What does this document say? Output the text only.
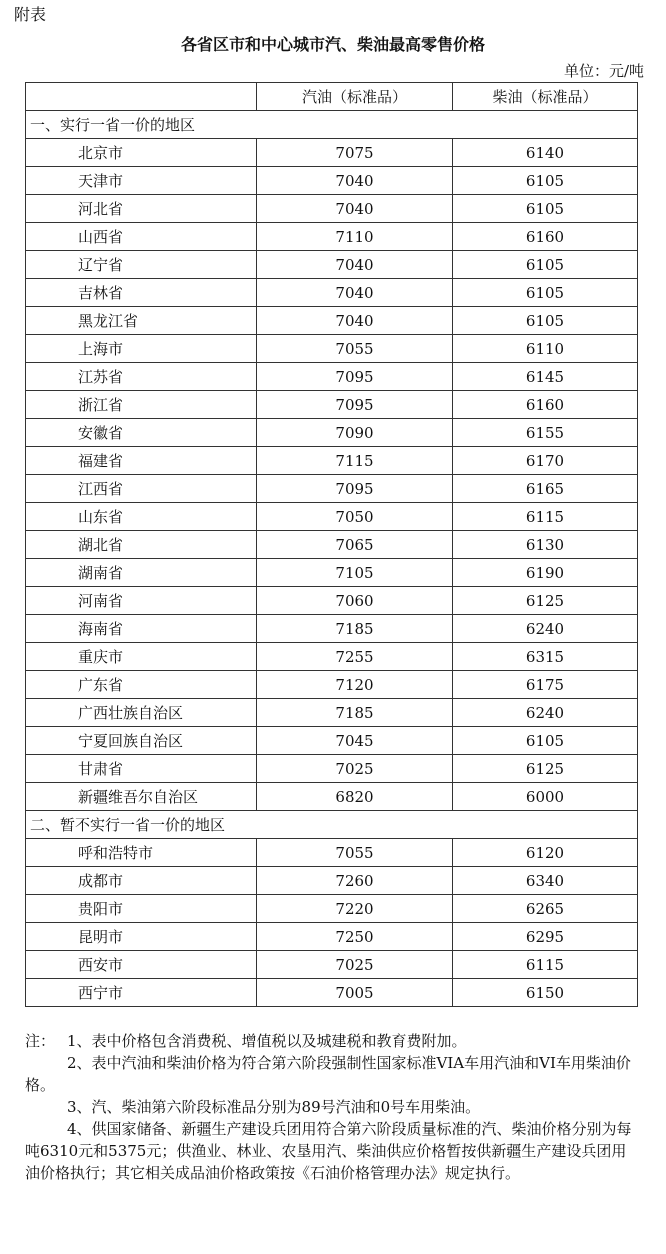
附表
各省区市和中心城市汽、柴油最高零售价格
单位：元/吨
	汽油（标准品）	柴油（标准品）
一、实行一省一价的地区		
北京市	7075	6140
天津市	7040	6105
河北省	7040	6105
山西省	7110	6160
辽宁省	7040	6105
吉林省	7040	6105
黑龙江省	7040	6105
上海市	7055	6110
江苏省	7095	6145
浙江省	7095	6160
安徽省	7090	6155
福建省	7115	6170
江西省	7095	6165
山东省	7050	6115
湖北省	7065	6130
湖南省	7105	6190
河南省	7060	6125
海南省	7185	6240
重庆市	7255	6315
广东省	7120	6175
广西壮族自治区	7185	6240
宁夏回族自治区	7045	6105
甘肃省	7025	6125
新疆维吾尔自治区	6820	6000
二、暂不实行一省一价的地区		
呼和浩特市	7055	6120
成都市	7260	6340
贵阳市	7220	6265
昆明市	7250	6295
西安市	7025	6115
西宁市	7005	6150

注： 1、表中价格包含消费税、增值税以及城建税和教育费附加。

2、表中汽油和柴油价格为符合第六阶段强制性国家标准VIA车用汽油和VI车用柴油价格。

3、汽、柴油第六阶段标准品分别为89号汽油和0号车用柴油。

4、供国家储备、新疆生产建设兵团用符合第六阶段质量标准的汽、柴油价格分别为每吨6310元和5375元；供渔业、林业、农垦用汽、柴油供应价格暂按供新疆生产建设兵团用油价格执行；其它相关成品油价格政策按《石油价格管理办法》规定执行。
